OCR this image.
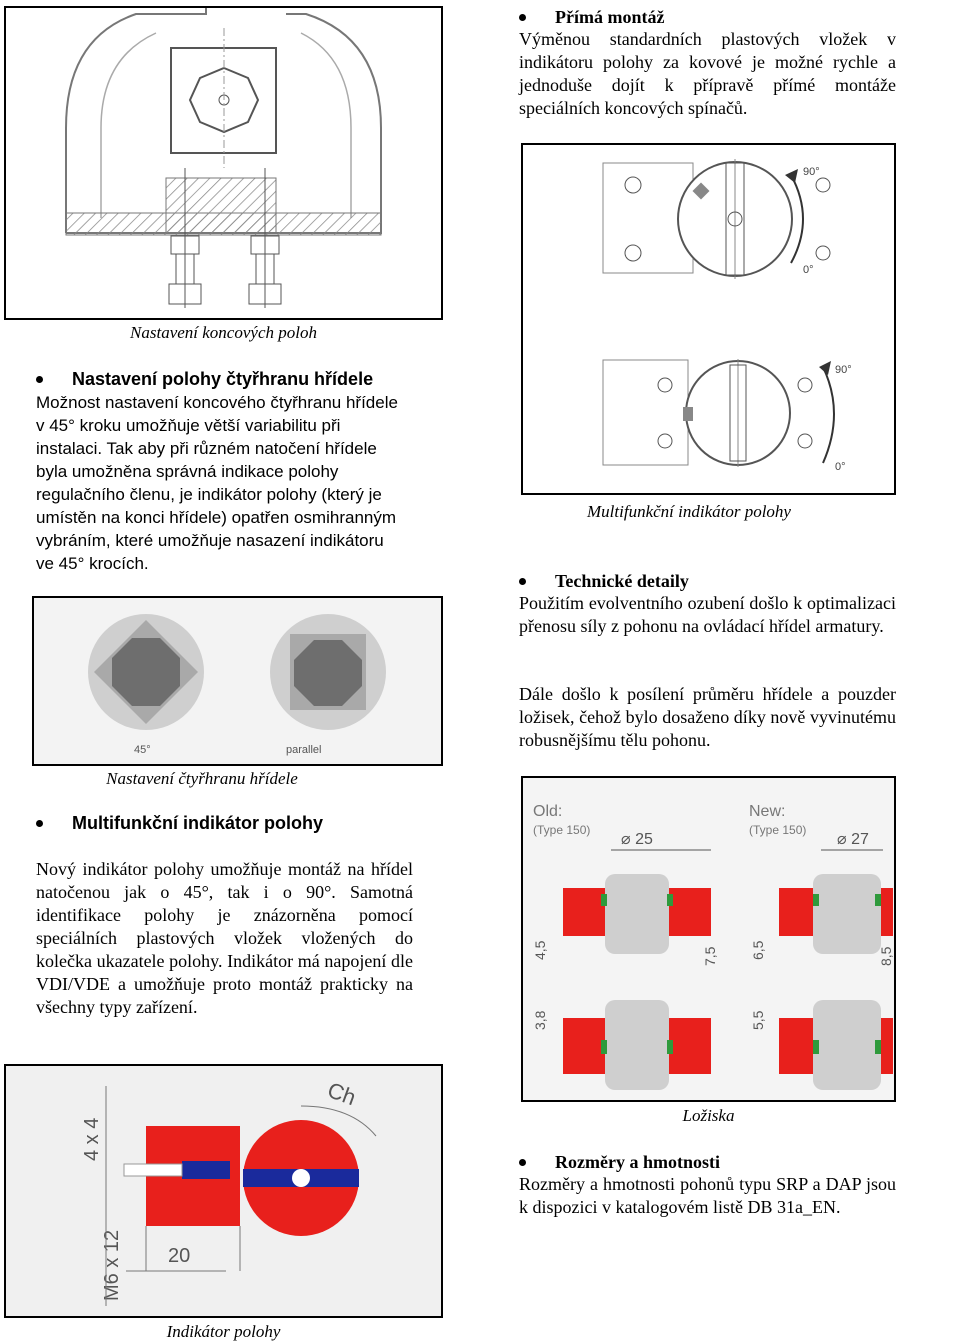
Nastavení koncových poloh
Nastavení polohy čtyřhranu hřídele
Možnost nastavení koncového čtyřhranu hřídele v 45° kroku umožňuje větší variabilitu při instalaci. Tak aby při různém natočení hřídele byla umožněna správná indikace polohy regulačního členu, je indikátor polohy (který je umístěn na konci hřídele) opatřen osmihranným vybráním, které umožňuje nasazení indikátoru ve 45° krocích.
45°	parallel
Nastavení čtyřhranu hřídele
Multifunkční indikátor polohy
Nový indikátor polohy umožňuje montáž na hřídel natočenou jak o 45°, tak i o 90°. Samotná identifikace polohy je znázorněna pomocí speciálních plastových vložek vložených do kolečka ukazatele polohy. Indikátor má napojení dle VDI/VDE a umožňuje proto montáž prakticky na všechny typy zařízení.
4 x 4
M6 x 12 20
Ch
Indikátor polohy
Přímá montáž
Výměnou standardních plastových vložek v indikátoru polohy za kovové je možné rychle a jednoduše dojít k přípravě přímé montáže speciálních koncových spínačů.
90°
0°
90°
0°
Multifunkční indikátor polohy
Technické detaily
Použitím evolventního ozubení došlo k optimalizaci přenosu síly z pohonu na ovládací hřídel armatury.
Dále došlo k posílení průměru hřídele a pouzder ložisek, čehož bylo dosaženo díky nově vyvinutému robusnějšímu tělu pohonu.
Old:
(Type 150)
⌀ 25
New:
(Type 150)
⌀ 27
4,5	7,5 6,5	8,5
3,8	5,5
Ložiska
Rozměry a hmotnosti
Rozměry a hmotnosti pohonů typu SRP a DAP jsou k dispozici v katalogovém listě DB 31a_EN.
